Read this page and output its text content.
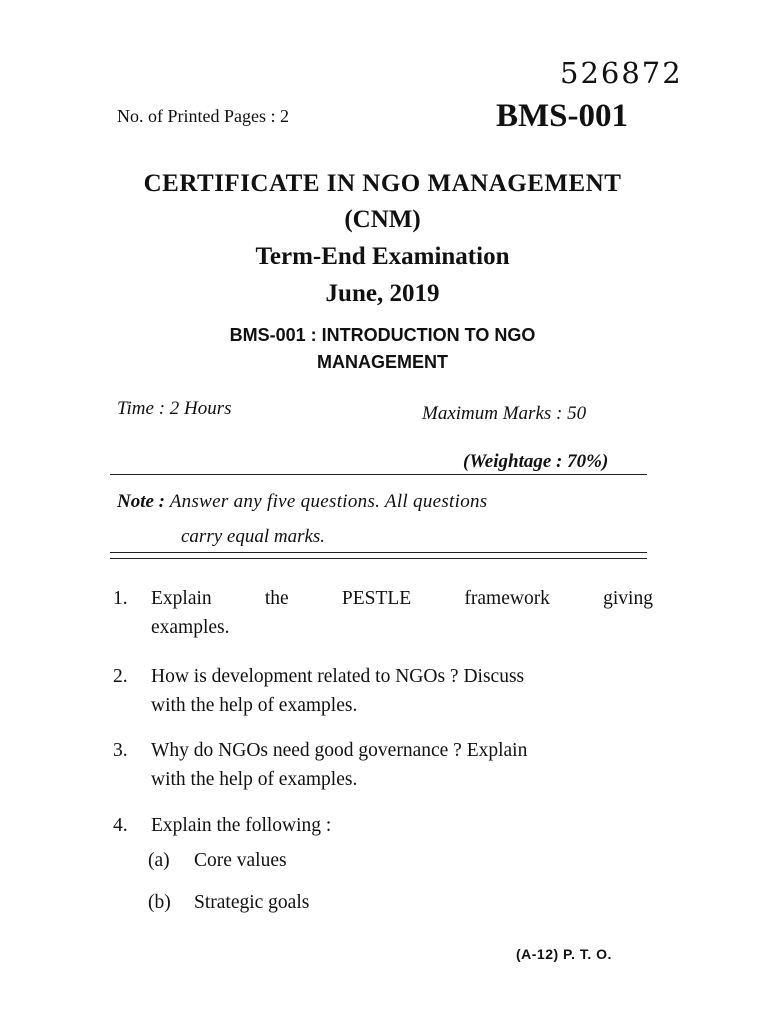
526872
No. of Printed Pages : 2	BMS-001
CERTIFICATE IN NGO MANAGEMENT
(CNM)
Term-End Examination
June, 2019
BMS-001 : INTRODUCTION TO NGO
MANAGEMENT
Time : 2 Hours	Maximum Marks : 50
(Weightage : 70%)
Note : Answer any five questions. All questions
carry equal marks.
1. Explain	the	PESTLE	framework	giving
examples.
2. How is development related to NGOs ? Discuss
with the help of examples.
3. Why do NGOs need good governance ? Explain
with the help of examples.
4. Explain the following :
(a) Core values
(b) Strategic goals
(A-12) P. T. O.
